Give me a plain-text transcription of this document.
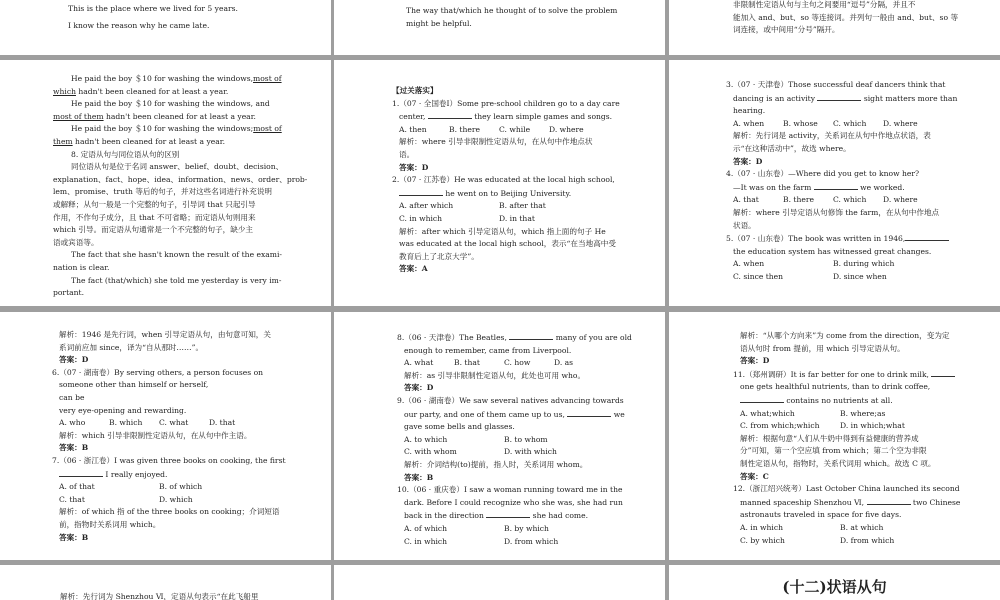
This is the place where we lived for 5 years.

I know the reason why he came late.

The way that/which he thought of to solve the problem

might be helpful.

非限制性定语从句与主句之间要用“逗号”分隔，并且不

能加入 and、but、so 等连接词。并列句一般由 and、but、so 等

词连接，或中间用“分号”隔开。

He paid the boy ＄10 for washing the windows,most of

which hadn't been cleaned for at least a year.

He paid the boy ＄10 for washing the windows, and

most of them hadn't been cleaned for at least a year.

He paid the boy ＄10 for washing the windows;most of

them hadn't been cleaned for at least a year.

8. 定语从句与同位语从句的区别

同位语从句是位于名词 answer、belief、doubt、decision、

explanation、fact、hope、idea、information、news、order、prob-

lem、promise、truth 等后的句子，并对这些名词进行补充说明

或解释；从句一般是一个完整的句子，引导词 that 只起引导

作用，不作句子成分，且 that 不可省略；而定语从句则用来

which 引导。而定语从句通常是一个不完整的句子，缺少主

语或宾语等。

The fact that she hasn't known the result of the exami-

nation is clear.

The fact (that/which) she told me yesterday is very im-

portant.

【过关落实】

1.（07 · 全国卷Ⅰ）Some pre-school children go to a day care

center,	they learn simple games and songs.

A. then	B. there	C. while	D. where

解析：where 引导非限制性定语从句，在从句中作地点状

语。

答案：D

2.（07 · 江苏卷）He was educated at the local high school,

he went on to Beijing University.

A. after which	B. after that
C. in which	D. in that

解析：after which 引导定语从句，which 指上面的句子 He

was educated at the local high school，表示“在当地高中受

教育后上了北京大学”。

答案：A

3.（07 · 天津卷）Those successful deaf dancers think that

dancing is an activity	sight matters more than

hearing.

A. when	B. whose	C. which	D. where

解析：先行词是 activity，关系词在从句中作地点状语，表

示“在这种活动中”，故选 where。

答案：D

4.（07 · 山东卷）—Where did you get to know her?

—It was on the farm	we worked.

A. that	B. there	C. which	D. where

解析：where 引导定语从句修饰 the farm，在从句中作地点

状语。

5.（07 · 山东卷）The book was written in 1946,

the education system has witnessed great changes.

A. when	B. during which
C. since then	D. since when

解析：1946 是先行词，when 引导定语从句，由句意可知，关

系词前应加 since，译为“自从那时……”。

答案：D

6.（07 · 湖南卷）By serving others, a person focuses on

someone other than himself or herself,

can be

very eye-opening and rewarding.

A. who	B. which	C. what	D. that

解析：which 引导非限制性定语从句，在从句中作主语。

答案：B

7.（06 · 浙江卷）I was given three books on cooking, the first

I really enjoyed.

A. of that	B. of which
C. that	D. which

解析：of which 指 of the three books on cooking；介词短语

前，指物时关系词用 which。

答案：B

8.（06 · 天津卷）The Beatles,	many of you are old

enough to remember, came from Liverpool.

A. what	B. that	C. how	D. as

解析：as 引导非限制性定语从句，此处也可用 who。

答案：D

9.（06 · 湖南卷）We saw several natives advancing towards

our party, and one of them came up to us,	we

gave some bells and glasses.

A. to which	B. to whom
C. with whom	D. with which

解析：介词结构(to)提前，指人时，关系词用 whom。

答案：B

10.（06 · 重庆卷）I saw a woman running toward me in the

dark. Before I could recognize who she was, she had run

back in the direction	she had come.

A. of which	B. by which
C. in which	D. from which

解析：“从哪个方向来”为 come from the direction，变为定

语从句时 from 提前，用 which 引导定语从句。

答案：D

11.（郑州调研）It is far better for one to drink milk,

one gets healthful nutrients, than to drink coffee,

contains no nutrients at all.

A. what;which	B. where;as
C. from which;which	D. in which;what

解析：根据句意“人们从牛奶中得到有益健康的营养成

分”可知，第一个空应填 from which；第二个空为非限

制性定语从句，指物时，关系代词用 which。故选 C 项。

答案：C

12.（浙江绍兴统考）Last October China launched its second

manned spaceship Shenzhou Ⅵ,	two Chinese

astronauts traveled in space for five days.

A. in which	B. at which
C. by which	D. from which

解析：先行词为 Shenzhou Ⅵ，定语从句表示“在此飞船里

(十二)状语从句
